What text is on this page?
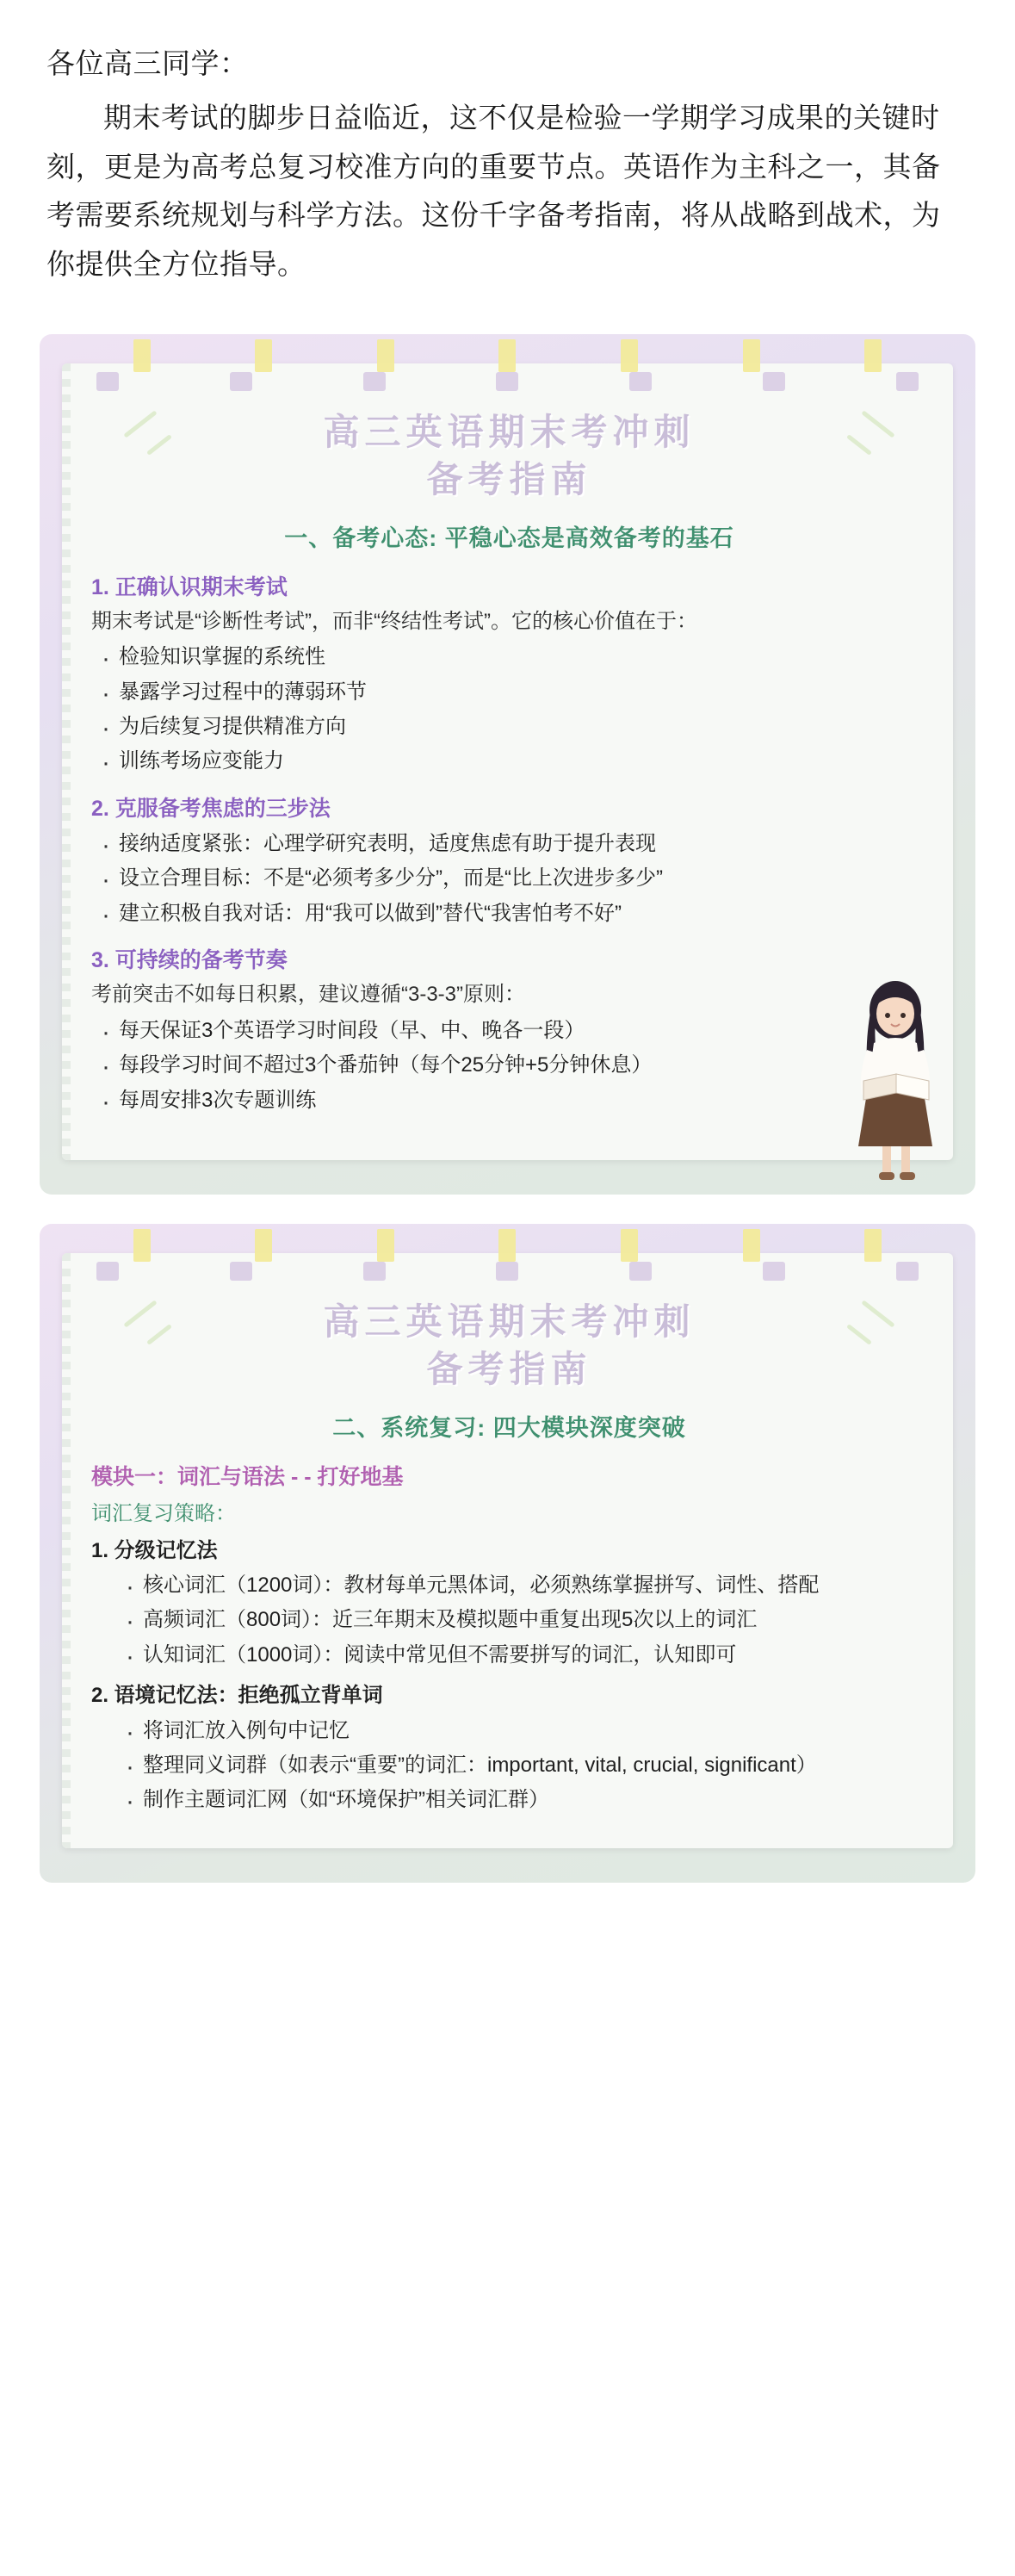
各位高三同学：

期末考试的脚步日益临近，这不仅是检验一学期学习成果的关键时刻，更是为高考总复习校准方向的重要节点。英语作为主科之一，其备考需要系统规划与科学方法。这份千字备考指南，将从战略到战术，为你提供全方位指导。

高三英语期末考冲刺
备考指南
一、备考心态: 平稳心态是高效备考的基石
1. 正确认识期末考试
期末考试是“诊断性考试”，而非“终结性考试”。它的核心价值在于：
· 检验知识掌握的系统性
· 暴露学习过程中的薄弱环节
· 为后续复习提供精准方向
· 训练考场应变能力
2. 克服备考焦虑的三步法
· 接纳适度紧张：心理学研究表明，适度焦虑有助于提升表现
· 设立合理目标：不是“必须考多少分”，而是“比上次进步多少”
· 建立积极自我对话：用“我可以做到”替代“我害怕考不好”
3. 可持续的备考节奏
考前突击不如每日积累，建议遵循“3-3-3”原则：
· 每天保证3个英语学习时间段（早、中、晚各一段）
· 每段学习时间不超过3个番茄钟（每个25分钟+5分钟休息）
· 每周安排3次专题训练
高三英语期末考冲刺
备考指南
二、系统复习: 四大模块深度突破
模块一：词汇与语法 - - 打好地基
词汇复习策略：
1. 分级记忆法
· 核心词汇（1200词）：教材每单元黑体词，必须熟练掌握拼写、词性、搭配
· 高频词汇（800词）：近三年期末及模拟题中重复出现5次以上的词汇
· 认知词汇（1000词）：阅读中常见但不需要拼写的词汇，认知即可
2. 语境记忆法：拒绝孤立背单词
· 将词汇放入例句中记忆
· 整理同义词群（如表示“重要”的词汇：important, vital, crucial, significant）
· 制作主题词汇网（如“环境保护”相关词汇群）
